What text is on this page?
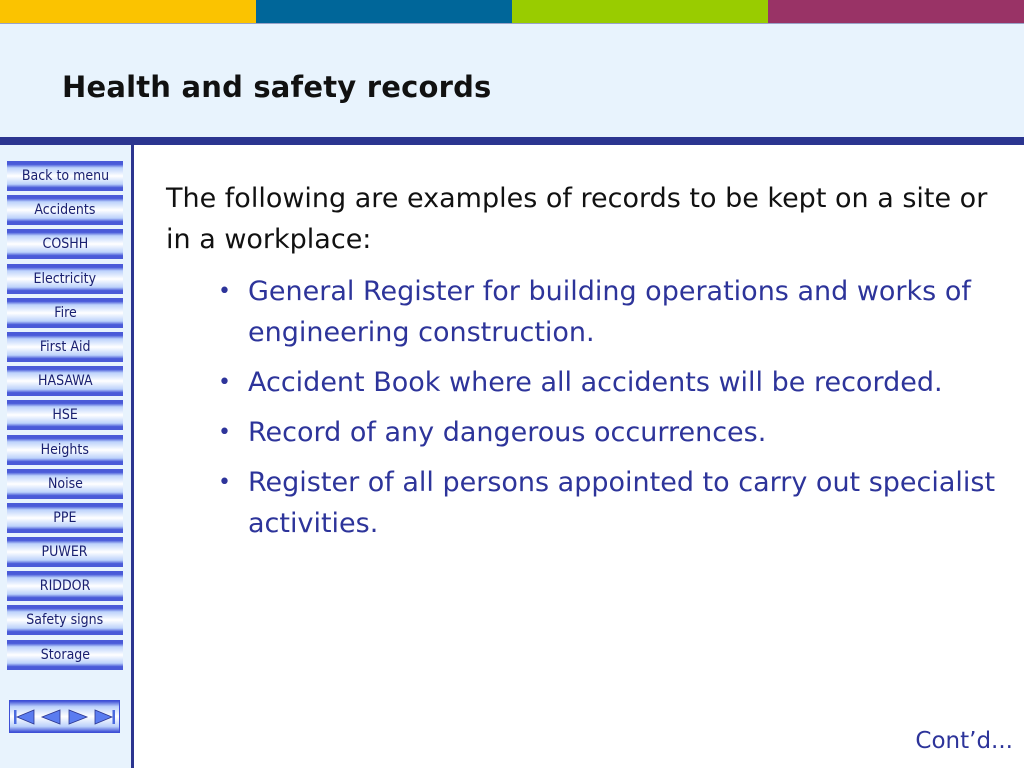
Health and safety records
Back to menu
Accidents
COSHH
Electricity
Fire
First Aid
HASAWA
HSE
Heights
Noise
PPE
PUWER
RIDDOR
Safety signs
Storage

The following are examples of records to be kept on a site or in a workplace:

• General Register for building operations and works of engineering construction.
• Accident Book where all accidents will be recorded.
• Record of any dangerous occurrences.
• Register of all persons appointed to carry out specialist activities.
Cont’d...
